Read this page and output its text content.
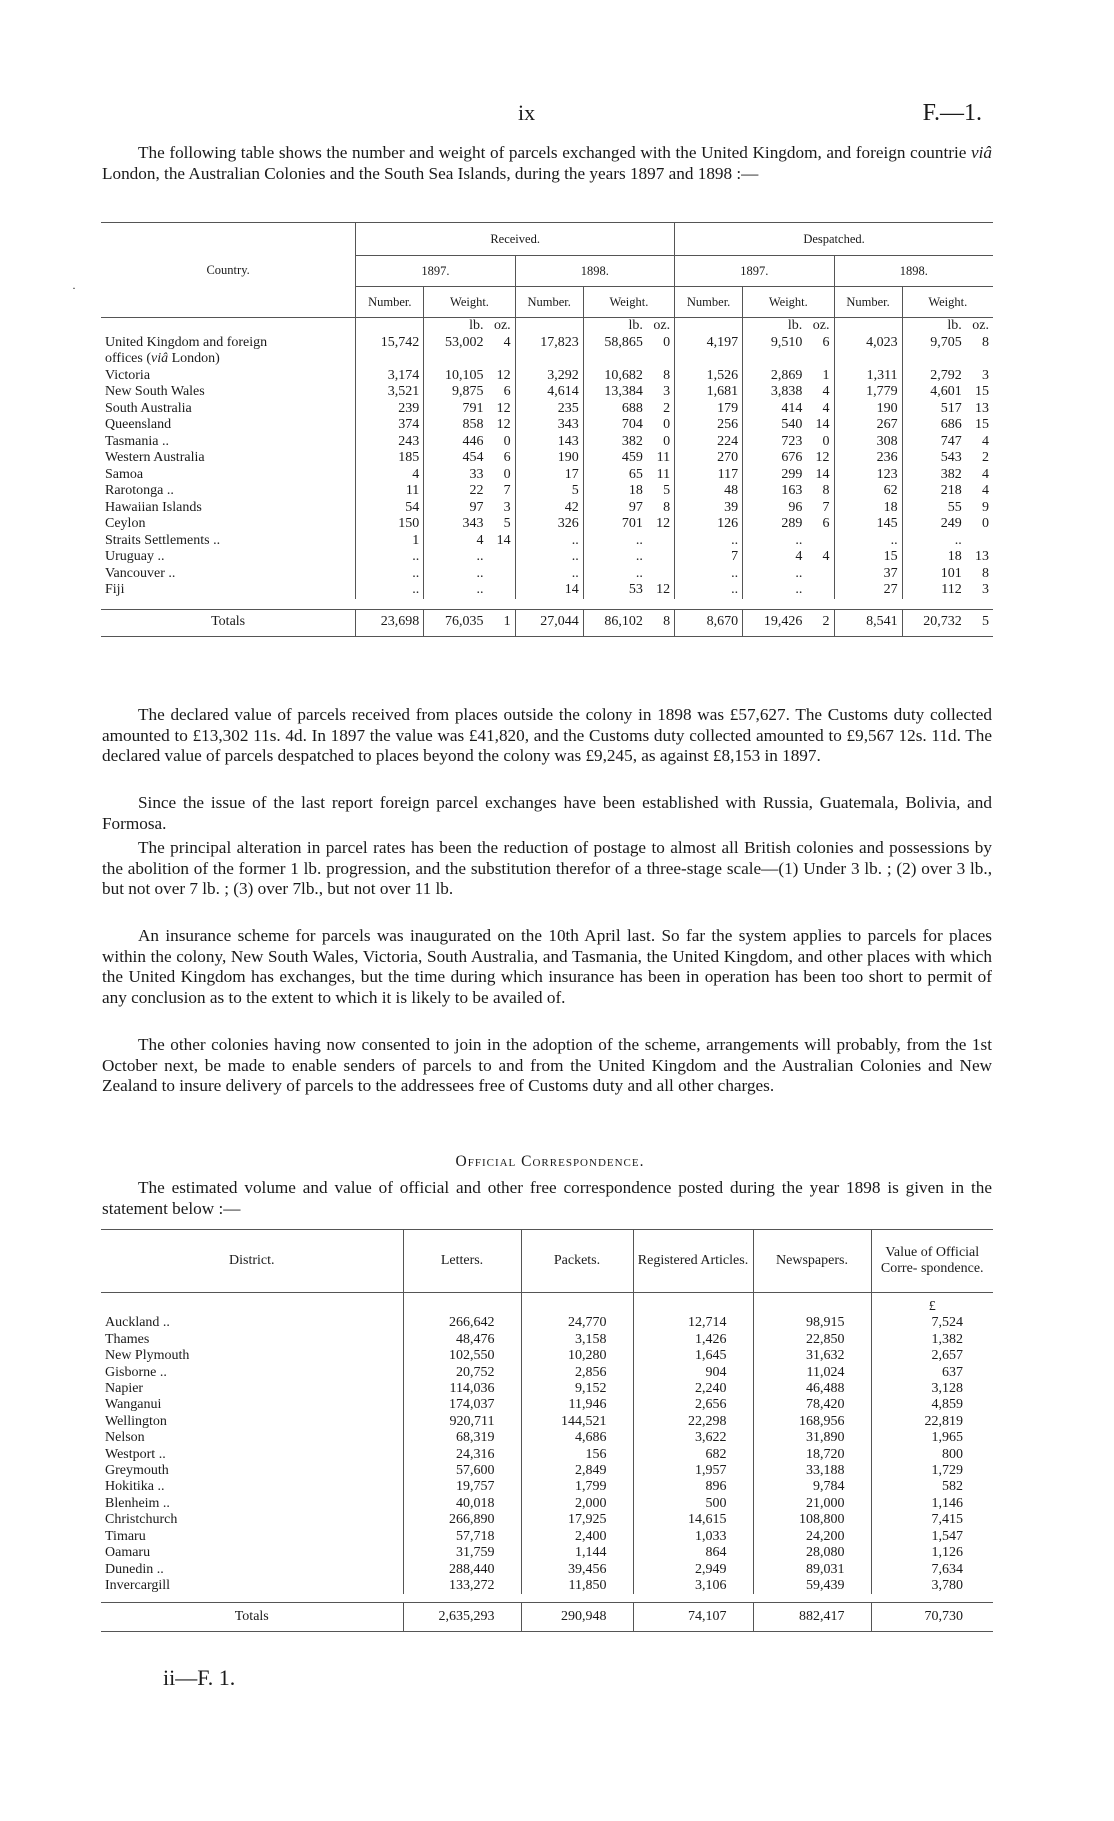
ix	F.—1.

The following table shows the number and weight of parcels exchanged with the United Kingdom, and foreign countrie viâ London, the Australian Colonies and the South Sea Islands, during the years 1897 and 1898 :—

·
Country.	Received.						Despatched.					
	1897.			1898.			1897.			1898.		
	Number.	Weight.		Number.	Weight.		Number.	Weight.		Number.	Weight.	
		lb.	oz.		lb.	oz.		lb.	oz.		lb.	oz.
United Kingdom and foreign
offices (viâ London)	15,742	53,002	4	17,823	58,865	0	4,197	9,510	6	4,023	9,705	8
Victoria	3,174	10,105	12	3,292	10,682	8	1,526	2,869	1	1,311	2,792	3
New South Wales	3,521	9,875	6	4,614	13,384	3	1,681	3,838	4	1,779	4,601	15
South Australia	239	791	12	235	688	2	179	414	4	190	517	13
Queensland	374	858	12	343	704	0	256	540	14	267	686	15
Tasmania ..	243	446	0	143	382	0	224	723	0	308	747	4
Western Australia	185	454	6	190	459	11	270	676	12	236	543	2
Samoa	4	33	0	17	65	11	117	299	14	123	382	4
Rarotonga ..	11	22	7	5	18	5	48	163	8	62	218	4
Hawaiian Islands	54	97	3	42	97	8	39	96	7	18	55	9
Ceylon	150	343	5	326	701	12	126	289	6	145	249	0
Straits Settlements ..	1	4	14	..	..		..	..		..	..	
Uruguay ..	..	..		..	..		7	4	4	15	18	13
Vancouver ..	..	..		..	..		..	..		37	101	8
Fiji	..	..		14	53	12	..	..		27	112	3

Totals	23,698	76,035	1	27,044	86,102	8	8,670	19,426	2	8,541	20,732	5

The declared value of parcels received from places outside the colony in 1898 was £57,627. The Customs duty collected amounted to £13,302 11s. 4d. In 1897 the value was £41,820, and the Customs duty collected amounted to £9,567 12s. 11d. The declared value of parcels despatched to places beyond the colony was £9,245, as against £8,153 in 1897.

Since the issue of the last report foreign parcel exchanges have been established with Russia, Guatemala, Bolivia, and Formosa.

The principal alteration in parcel rates has been the reduction of postage to almost all British colonies and possessions by the abolition of the former 1 lb. progression, and the substitution therefor of a three-stage scale—(1) Under 3 lb. ; (2) over 3 lb., but not over 7 lb. ; (3) over 7lb., but not over 11 lb.

An insurance scheme for parcels was inaugurated on the 10th April last. So far the system applies to parcels for places within the colony, New South Wales, Victoria, South Australia, and Tasmania, the United Kingdom, and other places with which the United Kingdom has exchanges, but the time during which insurance has been in operation has been too short to permit of any conclusion as to the extent to which it is likely to be availed of.

The other colonies having now consented to join in the adoption of the scheme, arrangements will probably, from the 1st October next, be made to enable senders of parcels to and from the United Kingdom and the Australian Colonies and New Zealand to insure delivery of parcels to the addressees free of Customs duty and all other charges.

Official Correspondence.

The estimated volume and value of official and other free correspondence posted during the year 1898 is given in the statement below :—

District.	Letters.	Packets.	Registered Articles.	Newspapers.	Value of Official Corre- spondence.
					£
Auckland ..	266,642	24,770	12,714	98,915	7,524
Thames	48,476	3,158	1,426	22,850	1,382
New Plymouth	102,550	10,280	1,645	31,632	2,657
Gisborne ..	20,752	2,856	904	11,024	637
Napier	114,036	9,152	2,240	46,488	3,128
Wanganui	174,037	11,946	2,656	78,420	4,859
Wellington	920,711	144,521	22,298	168,956	22,819
Nelson	68,319	4,686	3,622	31,890	1,965
Westport ..	24,316	156	682	18,720	800
Greymouth	57,600	2,849	1,957	33,188	1,729
Hokitika ..	19,757	1,799	896	9,784	582
Blenheim ..	40,018	2,000	500	21,000	1,146
Christchurch	266,890	17,925	14,615	108,800	7,415
Timaru	57,718	2,400	1,033	24,200	1,547
Oamaru	31,759	1,144	864	28,080	1,126
Dunedin ..	288,440	39,456	2,949	89,031	7,634
Invercargill	133,272	11,850	3,106	59,439	3,780

Totals	2,635,293	290,948	74,107	882,417	70,730
ii—F. 1.
